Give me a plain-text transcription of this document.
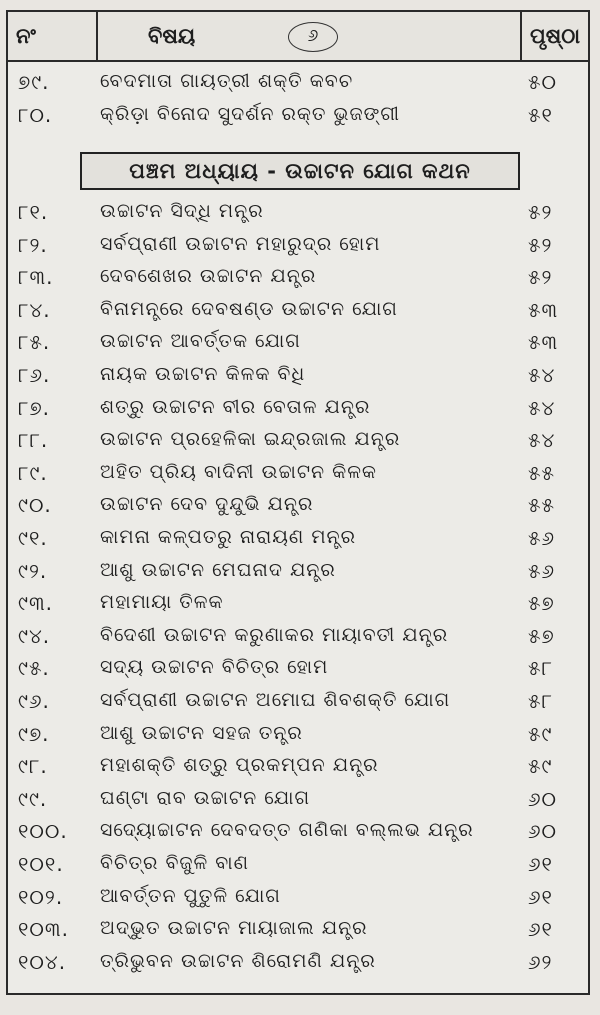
ନଂ	ବିଷୟ	୬	ପୃଷ୍ଠା
୭୯.	ବେଦମାତା ଗାୟତ୍ରୀ ଶକ୍ତି କବଚ	୫୦
୮୦.	କ୍ରିଡ଼ା ବିନୋଦ ସୁଦର୍ଶନ ରକ୍ତ ଭୁଜଙ୍ଗୀ	୫୧
ପଞ୍ଚମ ଅଧ୍ୟାୟ - ଉଚ୍ଚାଟନ ଯୋଗ କଥନ
୮୧.	ଉଚ୍ଚାଟନ ସିଦ୍ଧି ମନ୍ତ୍ର	୫୨
୮୨.	ସର୍ବପ୍ରାଣୀ ଉଚ୍ଚାଟନ ମହାରୁଦ୍ର ହୋମ	୫୨
୮୩. ଦେବଶେଖର ଉଚ୍ଚାଟନ ଯନ୍ତ୍ର	୫୨
୮୪.	ବିନାମନ୍ତ୍ରେ ଦେବଷଣ୍ଡ ଉଚ୍ଚାଟନ ଯୋଗ	୫୩
୮୫.	ଉଚ୍ଚାଟନ ଆବର୍ତ୍ତକ ଯୋଗ	୫୩
୮୬.	ନାୟକ ଉଚ୍ଚାଟନ କିଳକ ବିଧି	୫୪
୮୭.	ଶତ୍ରୁ ଉଚ୍ଚାଟନ ବୀର ବେତାଳ ଯନ୍ତ୍ର	୫୪
୮୮.	ଉଚ୍ଚାଟନ ପ୍ରହେଳିକା ଇନ୍ଦ୍ରଜାଲ ଯନ୍ତ୍ର	୫୪
୮୯.	ଅହିତ ପ୍ରିୟ ବାଦିନୀ ଉଚ୍ଚାଟନ କିଳକ	୫୫
୯୦.	ଉଚ୍ଚାଟନ ଦେବ ଦୁନ୍ଦୁଭି ଯନ୍ତ୍ର	୫୫
୯୧.	କାମନା କଳ୍ପତରୁ ନାରାୟଣ ମନ୍ତ୍ର	୫୬
୯୨.	ଆଶୁ ଉଚ୍ଚାଟନ ମେଘନାଦ ଯନ୍ତ୍ର	୫୬
୯୩. ମହାମାୟା ତିଳକ	୫୭
୯୪.	ବିଦେଶୀ ଉଚ୍ଚାଟନ କରୁଣାକର ମାୟାବତୀ ଯନ୍ତ୍ର	୫୭
୯୫.	ସଦ୍ୟ ଉଚ୍ଚାଟନ ବିଚିତ୍ର ହୋମ	୫୮
୯୬.	ସର୍ବପ୍ରାଣୀ ଉଚ୍ଚାଟନ ଅମୋଘ ଶିବଶକ୍ତି ଯୋଗ	୫୮
୯୭.	ଆଶୁ ଉଚ୍ଚାଟନ ସହଜ ତନ୍ତ୍ର	୫୯
୯୮.	ମହାଶକ୍ତି ଶତ୍ରୁ ପ୍ରକମ୍ପନ ଯନ୍ତ୍ର	୫୯
୯୯.	ଘଣ୍ଟା ରାବ ଉଚ୍ଚାଟନ ଯୋଗ	୬୦
୧୦୦. ସଦ୍ୟୋଚ୍ଚାଟନ ଦେବଦତ୍ତ ଗଣିକା ବଲ୍ଲଭ ଯନ୍ତ୍ର	୬୦
୧୦୧. ବିଚିତ୍ର ବିଜୁଳି ବାଣ	୬୧
୧୦୨. ଆବର୍ତ୍ତନ ପୁତୁଳି ଯୋଗ	୬୧
୧୦୩. ଅଦ୍ଭୁତ ଉଚ୍ଚାଟନ ମାୟାଜାଲ ଯନ୍ତ୍ର	୬୧
୧୦୪. ତ୍ରିଭୁବନ ଉଚ୍ଚାଟନ ଶିରୋମଣି ଯନ୍ତ୍ର	୬୨
